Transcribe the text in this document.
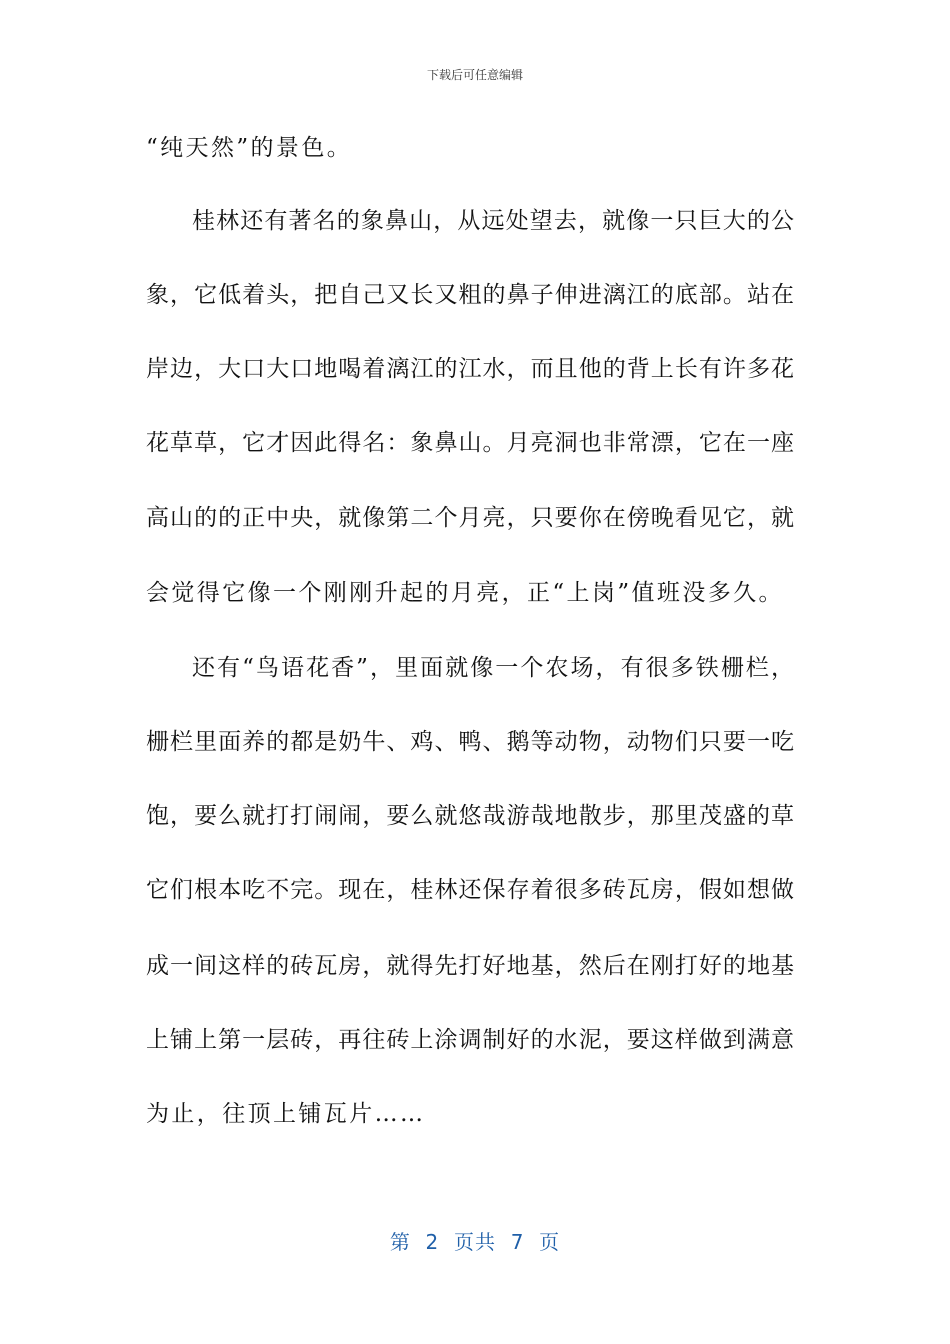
下载后可任意编辑
“纯天然”的景色。
桂林还有著名的象鼻山，从远处望去，就像一只巨大的公
象，它低着头，把自己又长又粗的鼻子伸进漓江的底部。站在
岸边，大口大口地喝着漓江的江水，而且他的背上长有许多花
花草草，它才因此得名：象鼻山。月亮洞也非常漂，它在一座
高山的的正中央，就像第二个月亮，只要你在傍晚看见它，就
会觉得它像一个刚刚升起的月亮，正“上岗”值班没多久。
还有“鸟语花香”，里面就像一个农场，有很多铁栅栏，
栅栏里面养的都是奶牛、鸡、鸭、鹅等动物，动物们只要一吃
饱，要么就打打闹闹，要么就悠哉游哉地散步，那里茂盛的草
它们根本吃不完。现在，桂林还保存着很多砖瓦房，假如想做
成一间这样的砖瓦房，就得先打好地基，然后在刚打好的地基
上铺上第一层砖，再往砖上涂调制好的水泥，要这样做到满意
为止，往顶上铺瓦片……
第  2  页共  7  页
